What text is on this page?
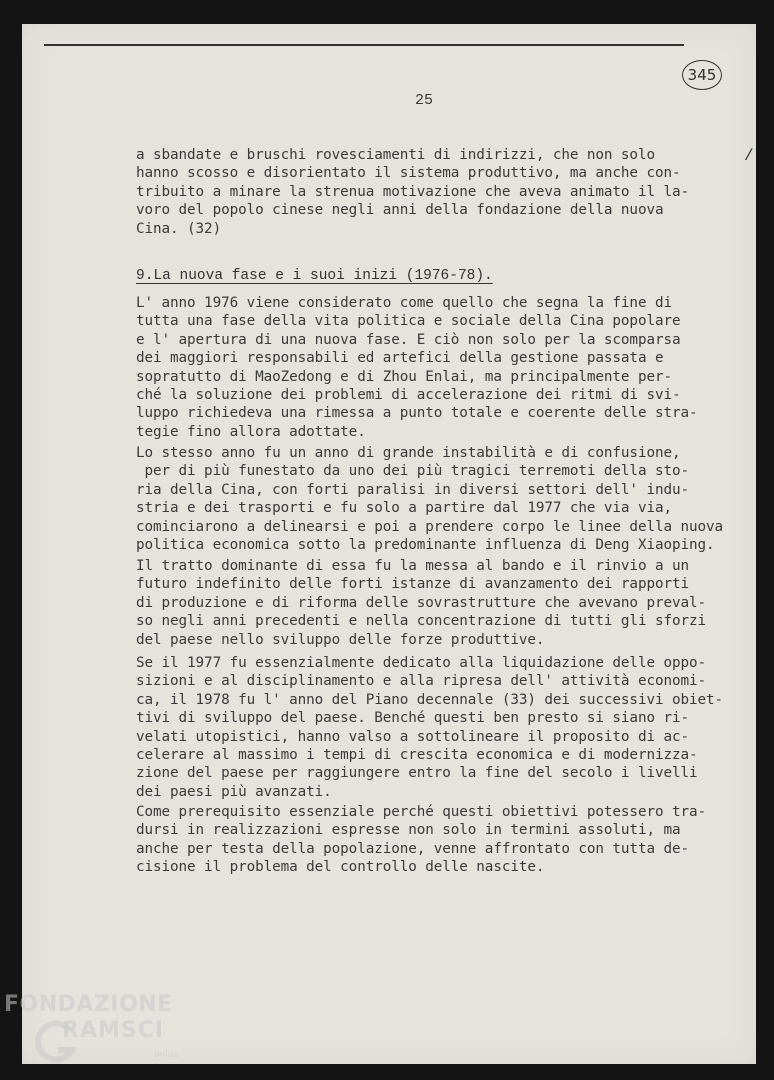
345
25
/
a sbandate e bruschi rovesciamenti di indirizzi, che non solo
hanno scosso e disorientato il sistema produttivo, ma anche con-
tribuito a minare la strenua motivazione che aveva animato il la-
voro del popolo cinese negli anni della fondazione della nuova
Cina. (32)
9.La nuova fase e i suoi inizi (1976-78).
L' anno 1976 viene considerato come quello che segna la fine di
tutta una fase della vita politica e sociale della Cina popolare
e l' apertura di una nuova fase. E ciò non solo per la scomparsa
dei maggiori responsabili ed artefici della gestione passata e
sopratutto di MaoZedong e di Zhou Enlai, ma principalmente per-
ché la soluzione dei problemi di accelerazione dei ritmi di svi-
luppo richiedeva una rimessa a punto totale e coerente delle stra-
tegie fino allora adottate.
Lo stesso anno fu un anno di grande instabilità e di confusione,
per di più funestato da uno dei più tragici terremoti della sto-
ria della Cina, con forti paralisi in diversi settori dell' indu-
stria e dei trasporti e fu solo a partire dal 1977 che via via,
cominciarono a delinearsi e poi a prendere corpo le linee della nuova
politica economica sotto la predominante influenza di Deng Xiaoping.
Il tratto dominante di essa fu la messa al bando e il rinvio a un
futuro indefinito delle forti istanze di avanzamento dei rapporti
di produzione e di riforma delle sovrastrutture che avevano preval-
so negli anni precedenti e nella concentrazione di tutti gli sforzi
del paese nello sviluppo delle forze produttive.
Se il 1977 fu essenzialmente dedicato alla liquidazione delle oppo-
sizioni e al disciplinamento e alla ripresa dell' attività economi-
ca, il 1978 fu l' anno del Piano decennale (33) dei successivi obiet-
tivi di sviluppo del paese. Benché questi ben presto si siano ri-
velati utopistici, hanno valso a sottolineare il proposito di ac-
celerare al massimo i tempi di crescita economica e di modernizza-
zione del paese per raggiungere entro la fine del secolo i livelli
dei paesi più avanzati.
Come prerequisito essenziale perché questi obiettivi potessero tra-
dursi in realizzazioni espresse non solo in termini assoluti, ma
anche per testa della popolazione, venne affrontato con tutta de-
cisione il problema del controllo delle nascite.
FONDAZIONE
RAMSCI
onlus
